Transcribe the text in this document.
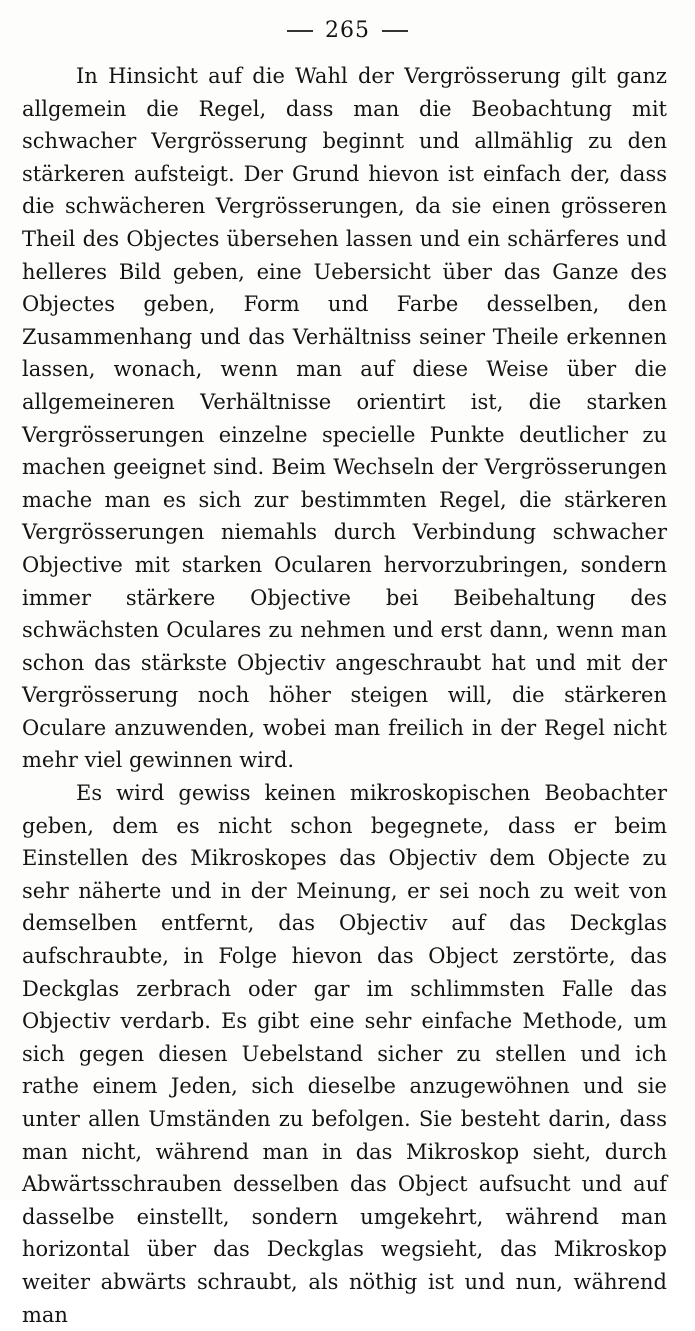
265

In Hinsicht auf die Wahl der Vergrösserung gilt ganz allgemein die Regel, dass man die Beobachtung mit schwacher Vergrösserung beginnt und allmählig zu den stärkeren aufsteigt. Der Grund hievon ist einfach der, dass die schwächeren Vergrösserungen, da sie einen grösseren Theil des Objectes übersehen lassen und ein schärferes und helleres Bild geben, eine Uebersicht über das Ganze des Objectes geben, Form und Farbe desselben, den Zusammenhang und das Verhältniss seiner Theile erkennen lassen, wonach, wenn man auf diese Weise über die allgemeineren Verhältnisse orientirt ist, die starken Vergrösserungen einzelne specielle Punkte deutlicher zu machen geeignet sind. Beim Wechseln der Vergrösserungen mache man es sich zur bestimmten Regel, die stärkeren Vergrösserungen niemahls durch Verbindung schwacher Objective mit starken Ocularen hervorzubringen, sondern immer stärkere Objective bei Beibehaltung des schwächsten Oculares zu nehmen und erst dann, wenn man schon das stärkste Objectiv angeschraubt hat und mit der Vergrösserung noch höher steigen will, die stärkeren Oculare anzuwenden, wobei man freilich in der Regel nicht mehr viel gewinnen wird.

Es wird gewiss keinen mikroskopischen Beobachter geben, dem es nicht schon begegnete, dass er beim Einstellen des Mikroskopes das Objectiv dem Objecte zu sehr näherte und in der Meinung, er sei noch zu weit von demselben entfernt, das Objectiv auf das Deckglas aufschraubte, in Folge hievon das Object zerstörte, das Deckglas zerbrach oder gar im schlimmsten Falle das Objectiv verdarb. Es gibt eine sehr einfache Methode, um sich gegen diesen Uebelstand sicher zu stellen und ich rathe einem Jeden, sich dieselbe anzugewöhnen und sie unter allen Umständen zu befolgen. Sie besteht darin, dass man nicht, während man in das Mikroskop sieht, durch Abwärtsschrauben desselben das Object aufsucht und auf dasselbe einstellt, sondern umgekehrt, während man horizontal über das Deckglas wegsieht, das Mikroskop weiter abwärts schraubt, als nöthig ist und nun, während man
